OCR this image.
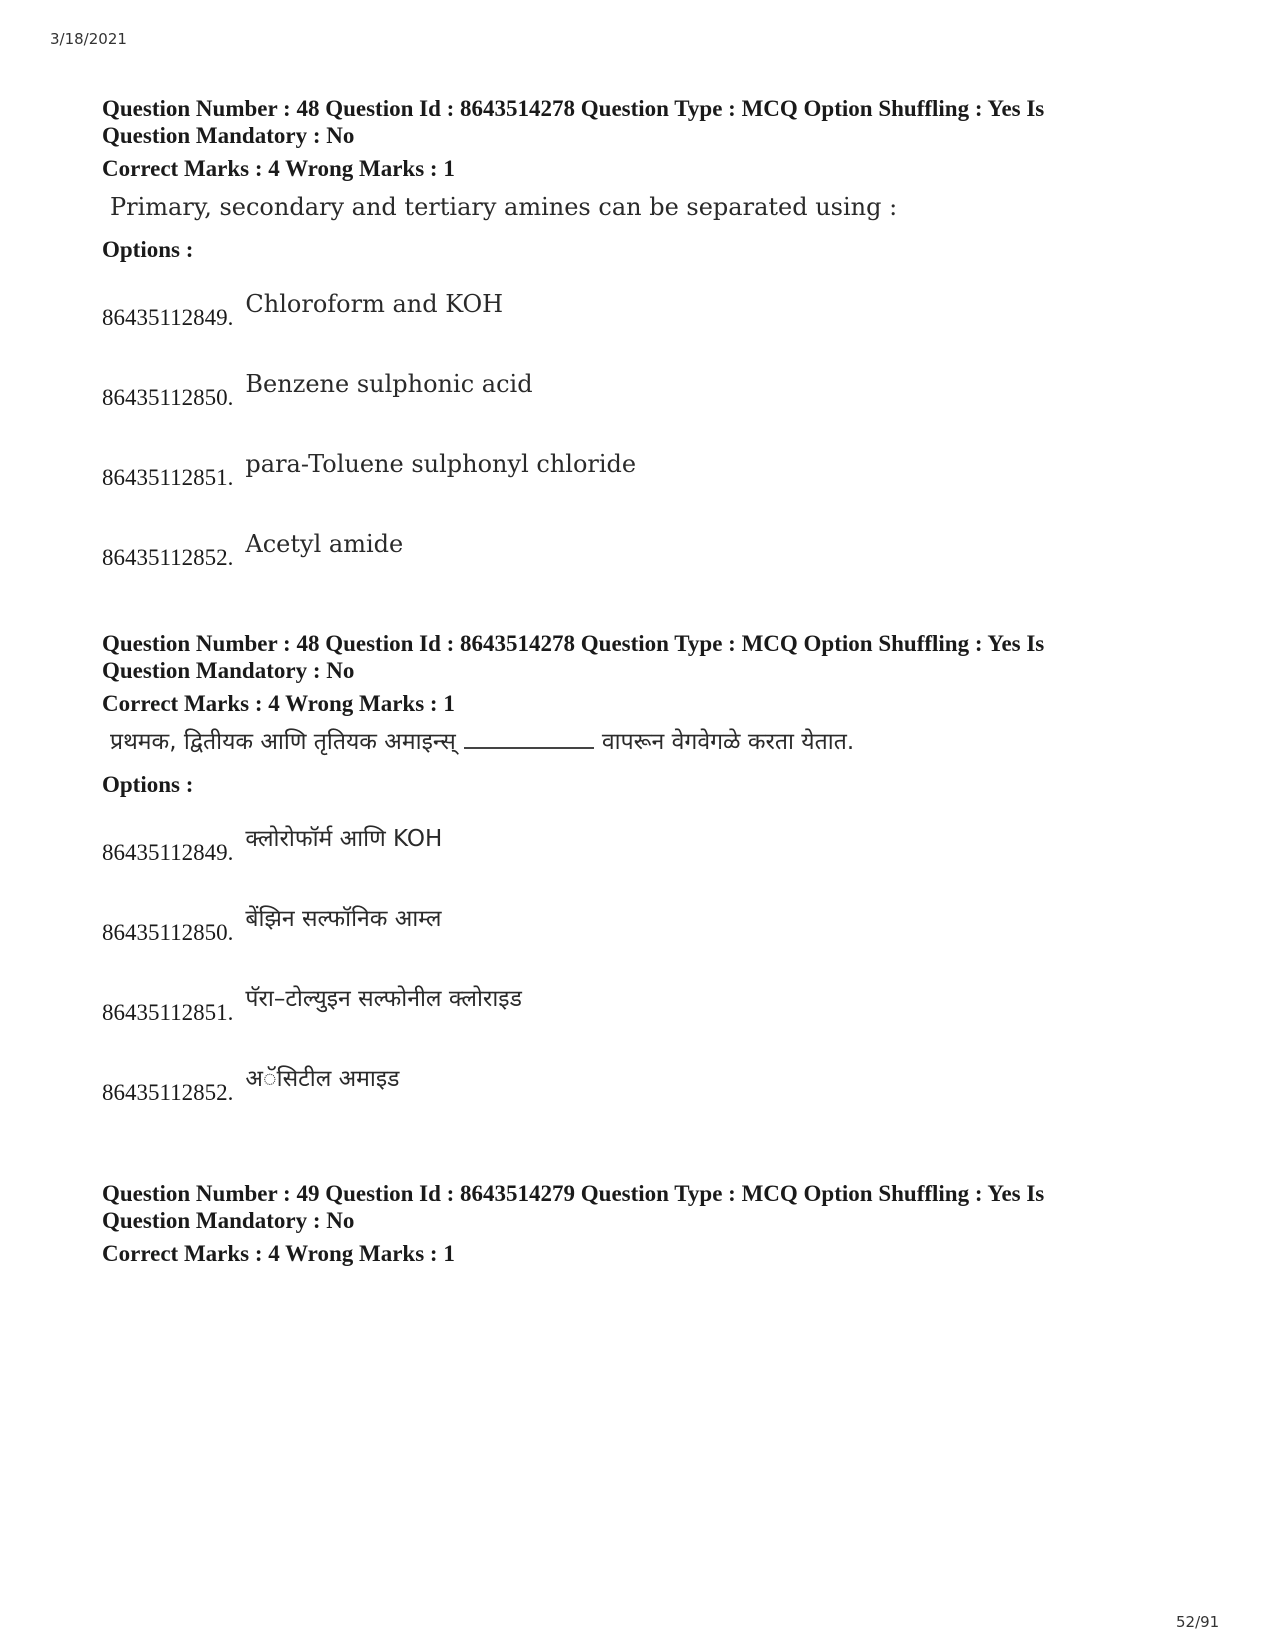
3/18/2021
Question Number : 48 Question Id : 8643514278 Question Type : MCQ Option Shuffling : Yes Is
Question Mandatory : No
Correct Marks : 4 Wrong Marks : 1
Primary, secondary and tertiary amines can be separated using :
Options :
86435112849. Chloroform and KOH
86435112850. Benzene sulphonic acid
86435112851. para-Toluene sulphonyl chloride
86435112852. Acetyl amide
Question Number : 48 Question Id : 8643514278 Question Type : MCQ Option Shuffling : Yes Is
Question Mandatory : No
Correct Marks : 4 Wrong Marks : 1
प्रथमक, द्वितीयक आणि तृतियक अमाइन्स्	वापरून वेगवेगळे करता येतात.
Options :
86435112849.
क्लोरोफॉर्म आणि KOH
86435112850.
बेंझिन सल्फॉनिक आम्ल
86435112851.
पॅरा–टोल्युइन सल्फोनील क्लोराइड
86435112852.
अॅसिटील अमाइड
Question Number : 49 Question Id : 8643514279 Question Type : MCQ Option Shuffling : Yes Is
Question Mandatory : No
Correct Marks : 4 Wrong Marks : 1
52/91
